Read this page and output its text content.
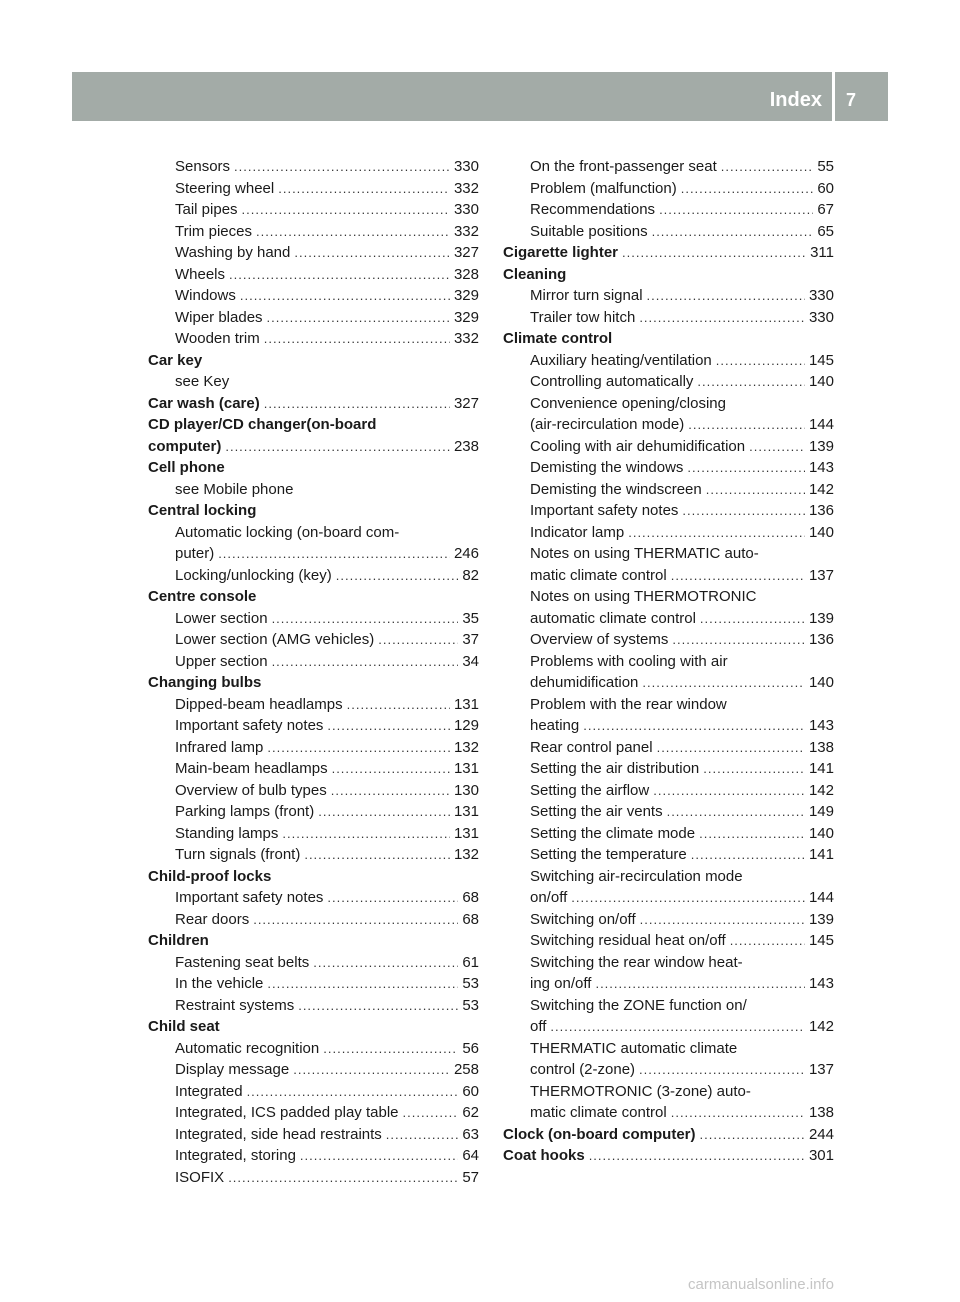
Index 7
Sensors .....	330
Steering wheel .....	332
Tail pipes .....	330
Trim pieces .....	332
Washing by hand .....	327
Wheels .....	328
Windows .....	329
Wiper blades .....	329
Wooden trim .....	332
Car key
see Key
Car wash (care) .....	327
CD player/CD changer(on-board
computer) .....	238
Cell phone
see Mobile phone
Central locking
Automatic locking (on-board com-
puter) .....	246
Locking/unlocking (key) .....	82
Centre console
Lower section .....	35
Lower section (AMG vehicles) .....	37
Upper section .....	34
Changing bulbs
Dipped-beam headlamps .....	131
Important safety notes .....	129
Infrared lamp .....	132
Main-beam headlamps .....	131
Overview of bulb types .....	130
Parking lamps (front) .....	131
Standing lamps .....	131
Turn signals (front) .....	132
Child-proof locks
Important safety notes .....	68
Rear doors .....	68
Children
Fastening seat belts .....	61
In the vehicle .....	53
Restraint systems .....	53
Child seat
Automatic recognition .....	56
Display message .....	258
Integrated .....	60
Integrated, ICS padded play table .....	62
Integrated, side head restraints .....	63
Integrated, storing .....	64
ISOFIX .....	57
On the front-passenger seat .....	55
Problem (malfunction) .....	60
Recommendations .....	67
Suitable positions .....	65
Cigarette lighter .....	311
Cleaning
Mirror turn signal .....	330
Trailer tow hitch .....	330
Climate control
Auxiliary heating/ventilation .....	145
Controlling automatically .....	140
Convenience opening/closing
(air-recirculation mode) .....	144
Cooling with air dehumidification .....	139
Demisting the windows .....	143
Demisting the windscreen .....	142
Important safety notes .....	136
Indicator lamp .....	140
Notes on using THERMATIC auto-
matic climate control .....	137
Notes on using THERMOTRONIC
automatic climate control .....	139
Overview of systems .....	136
Problems with cooling with air
dehumidification .....	140
Problem with the rear window
heating .....	143
Rear control panel .....	138
Setting the air distribution .....	141
Setting the airflow .....	142
Setting the air vents .....	149
Setting the climate mode .....	140
Setting the temperature .....	141
Switching air-recirculation mode
on/off .....	144
Switching on/off .....	139
Switching residual heat on/off .....	145
Switching the rear window heat-
ing on/off .....	143
Switching the ZONE function on/
off .....	142
THERMATIC automatic climate
control (2-zone) .....	137
THERMOTRONIC (3-zone) auto-
matic climate control .....	138
Clock (on-board computer) .....	244
Coat hooks .....	301
carmanualsonline.info
